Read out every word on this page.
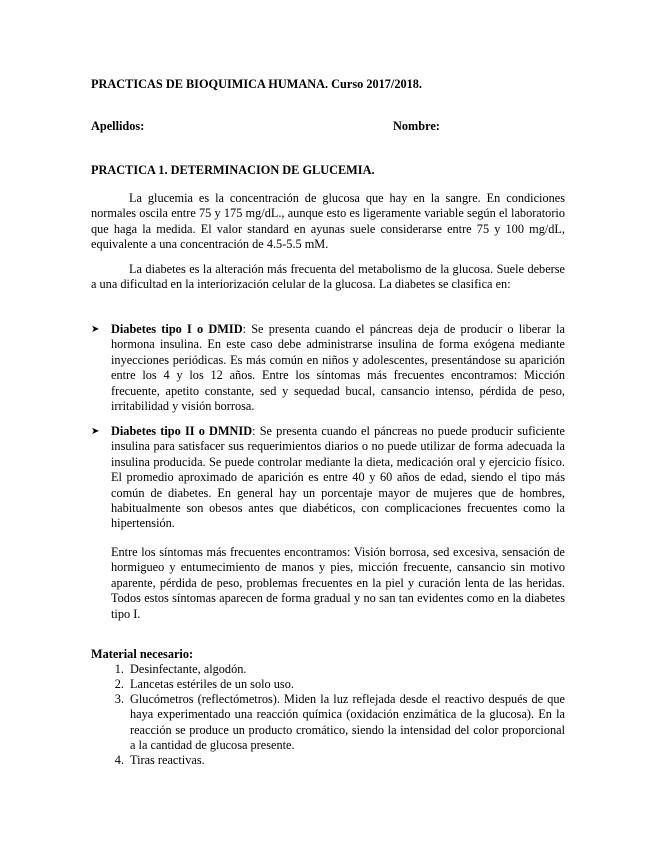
PRACTICAS DE BIOQUIMICA HUMANA. Curso 2017/2018.
Apellidos:	Nombre:
PRACTICA 1. DETERMINACION DE GLUCEMIA.
La glucemia es la concentración de glucosa que hay en la sangre. En condiciones normales oscila entre 75 y 175 mg/dL., aunque esto es ligeramente variable según el laboratorio que haga la medida. El valor standard en ayunas suele considerarse entre 75 y 100 mg/dL, equivalente a una concentración de 4.5-5.5 mM.
La diabetes es la alteración más frecuenta del metabolismo de la glucosa. Suele deberse a una dificultad en la interiorización celular de la glucosa. La diabetes se clasifica en:
➤ Diabetes tipo I o DMID: Se presenta cuando el páncreas deja de producir o liberar la hormona insulina. En este caso debe administrarse insulina de forma exógena mediante inyecciones periódicas. Es más común en niños y adolescentes, presentándose su aparición entre los 4 y los 12 años. Entre los síntomas más frecuentes encontramos: Micción frecuente, apetito constante, sed y sequedad bucal, cansancio intenso, pérdida de peso, irritabilidad y visión borrosa.
➤ Diabetes tipo II o DMNID: Se presenta cuando el páncreas no puede producir suficiente insulina para satisfacer sus requerimientos diarios o no puede utilizar de forma adecuada la insulina producida. Se puede controlar mediante la dieta, medicación oral y ejercicio físico. El promedio aproximado de aparición es entre 40 y 60 años de edad, siendo el tipo más común de diabetes. En general hay un porcentaje mayor de mujeres que de hombres, habitualmente son obesos antes que diabéticos, con complicaciones frecuentes como la hipertensión.
Entre los síntomas más frecuentes encontramos: Visión borrosa, sed excesiva, sensación de hormigueo y entumecimiento de manos y pies, micción frecuente, cansancio sin motivo aparente, pérdida de peso, problemas frecuentes en la piel y curación lenta de las heridas. Todos estos síntomas aparecen de forma gradual y no san tan evidentes como en la diabetes tipo I.
Material necesario:
1. Desinfectante, algodón.
2. Lancetas estériles de un solo uso.
3. Glucómetros (reflectómetros). Miden la luz reflejada desde el reactivo después de que haya experimentado una reacción química (oxidación enzimática de la glucosa). En la reacción se produce un producto cromático, siendo la intensidad del color proporcional a la cantidad de glucosa presente.
4. Tiras reactivas.
